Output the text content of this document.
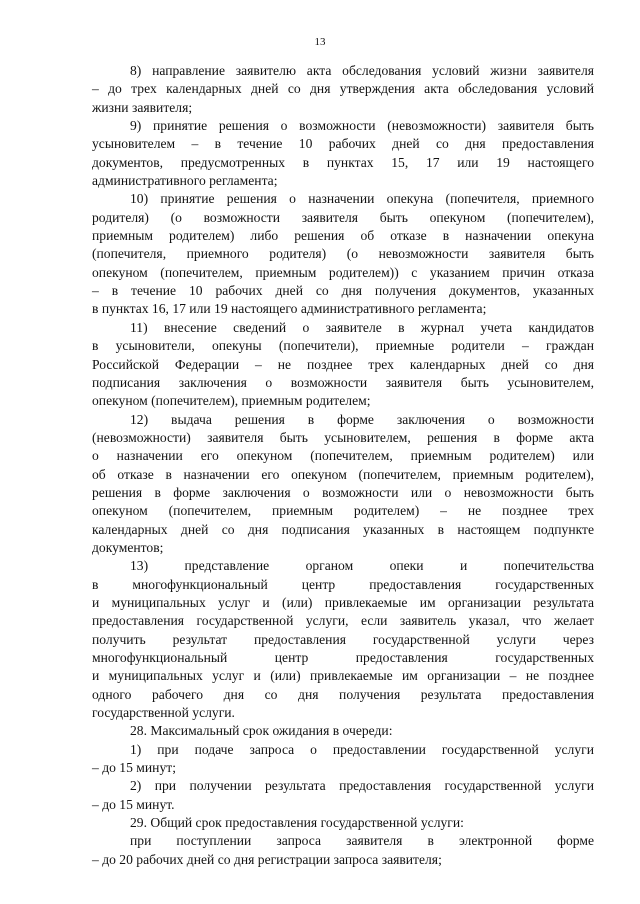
13
8) направление заявителю акта обследования условий жизни заявителя
– до трех календарных дней со дня утверждения акта обследования условий
жизни заявителя;
9) принятие решения о возможности (невозможности) заявителя быть
усыновителем – в течение 10 рабочих дней со дня предоставления
документов, предусмотренных в пунктах 15, 17 или 19 настоящего
административного регламента;
10) принятие решения о назначении опекуна (попечителя, приемного
родителя) (о возможности заявителя быть опекуном (попечителем),
приемным родителем) либо решения об отказе в назначении опекуна
(попечителя, приемного родителя) (о невозможности заявителя быть
опекуном (попечителем, приемным родителем)) с указанием причин отказа
– в течение 10 рабочих дней со дня получения документов, указанных
в пунктах 16, 17 или 19 настоящего административного регламента;
11) внесение сведений о заявителе в журнал учета кандидатов
в усыновители, опекуны (попечители), приемные родители – граждан
Российской Федерации – не позднее трех календарных дней со дня
подписания заключения о возможности заявителя быть усыновителем,
опекуном (попечителем), приемным родителем;
12) выдача решения в форме заключения о возможности
(невозможности) заявителя быть усыновителем, решения в форме акта
о назначении его опекуном (попечителем, приемным родителем) или
об отказе в назначении его опекуном (попечителем, приемным родителем),
решения в форме заключения о возможности или о невозможности быть
опекуном (попечителем, приемным родителем) – не позднее трех
календарных дней со дня подписания указанных в настоящем подпункте
документов;
13) представление органом опеки и попечительства
в многофункциональный центр предоставления государственных
и муниципальных услуг и (или) привлекаемые им организации результата
предоставления государственной услуги, если заявитель указал, что желает
получить результат предоставления государственной услуги через
многофункциональный центр предоставления государственных
и муниципальных услуг и (или) привлекаемые им организации – не позднее
одного рабочего дня со дня получения результата предоставления
государственной услуги.
28. Максимальный срок ожидания в очереди:
1) при подаче запроса о предоставлении государственной услуги
– до 15 минут;
2) при получении результата предоставления государственной услуги
– до 15 минут.
29. Общий срок предоставления государственной услуги:
при поступлении запроса заявителя в электронной форме
– до 20 рабочих дней со дня регистрации запроса заявителя;
